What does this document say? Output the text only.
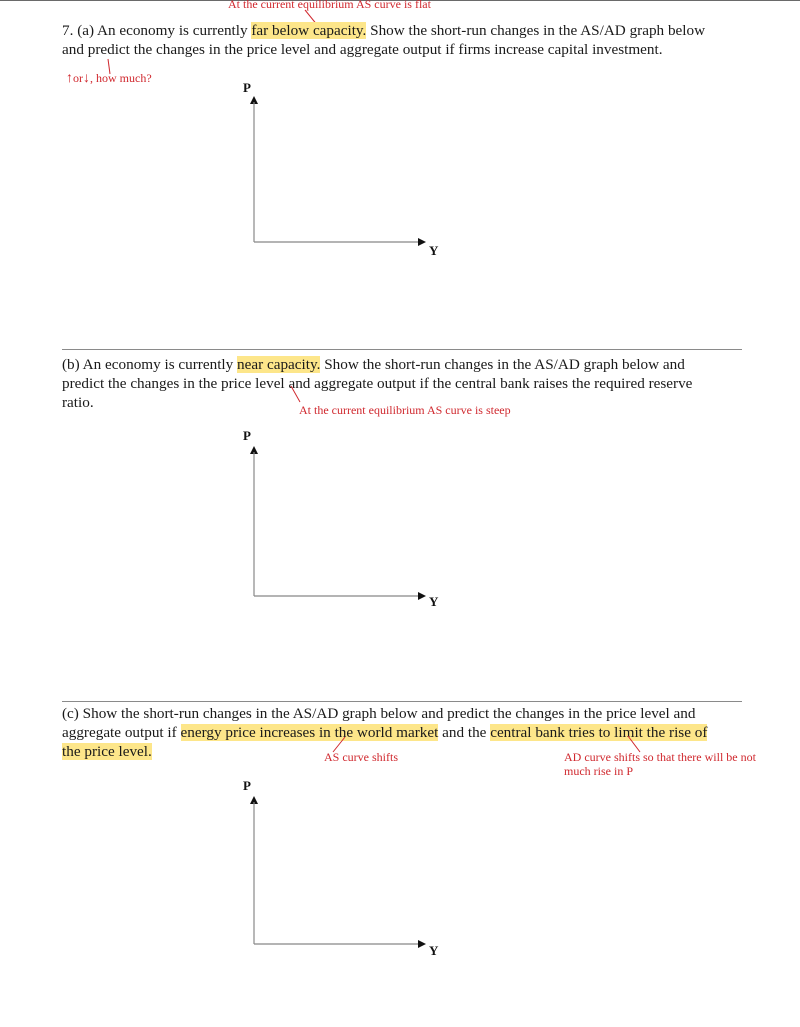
At the current equilibrium AS curve is flat
7. (a) An economy is currently far below capacity. Show the short-run changes in the AS/AD graph below
and predict the changes in the price level and aggregate output if firms increase capital investment.
↑or↓, how much?
P
Y
(b) An economy is currently near capacity. Show the short-run changes in the AS/AD graph below and
predict the changes in the price level and aggregate output if the central bank raises the required reserve
ratio.	At the current equilibrium AS curve is steep
P
Y
(c) Show the short-run changes in the AS/AD graph below and predict the changes in the price level and
aggregate output if energy price increases in the world market and the central bank tries to limit the rise of
the price level.	AS curve shifts	AD curve shifts so that there will be not
much rise in P
P
Y
